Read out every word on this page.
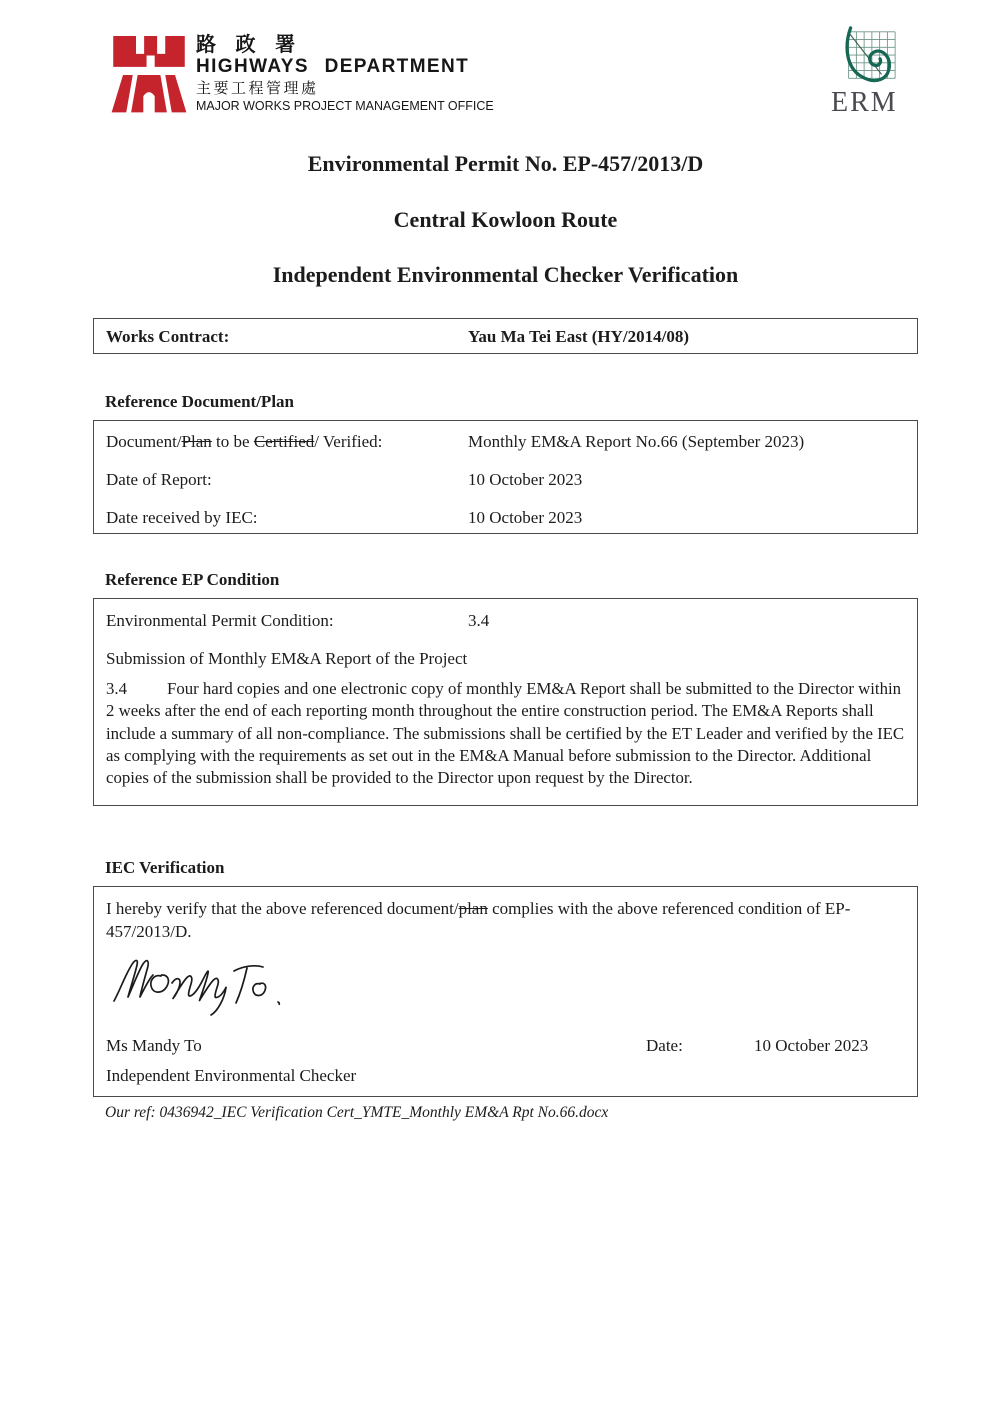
路 政 署
HIGHWAYS DEPARTMENT
主要工程管理處
MAJOR WORKS PROJECT MANAGEMENT OFFICE	ERM
Environmental Permit No. EP-457/2013/D
Central Kowloon Route
Independent Environmental Checker Verification
Works Contract:	Yau Ma Tei East (HY/2014/08)
Reference Document/Plan
Document/Plan to be Certified/ Verified:	Monthly EM&A Report No.66 (September 2023)
Date of Report:	10 October 2023
Date received by IEC:	10 October 2023
Reference EP Condition
Environmental Permit Condition:	3.4
Submission of Monthly EM&A Report of the Project

3.4 Four hard copies and one electronic copy of monthly EM&A Report shall be submitted to the Director within 2 weeks after the end of each reporting month throughout the entire construction period. The EM&A Reports shall include a summary of all non-compliance. The submissions shall be certified by the ET Leader and verified by the IEC as complying with the requirements as set out in the EM&A Manual before submission to the Director. Additional copies of the submission shall be provided to the Director upon request by the Director.

IEC Verification

I hereby verify that the above referenced document/plan complies with the above referenced condition of EP-457/2013/D.

Ms Mandy To	Date:	10 October 2023
Independent Environmental Checker
Our ref: 0436942_IEC Verification Cert_YMTE_Monthly EM&A Rpt No.66.docx
